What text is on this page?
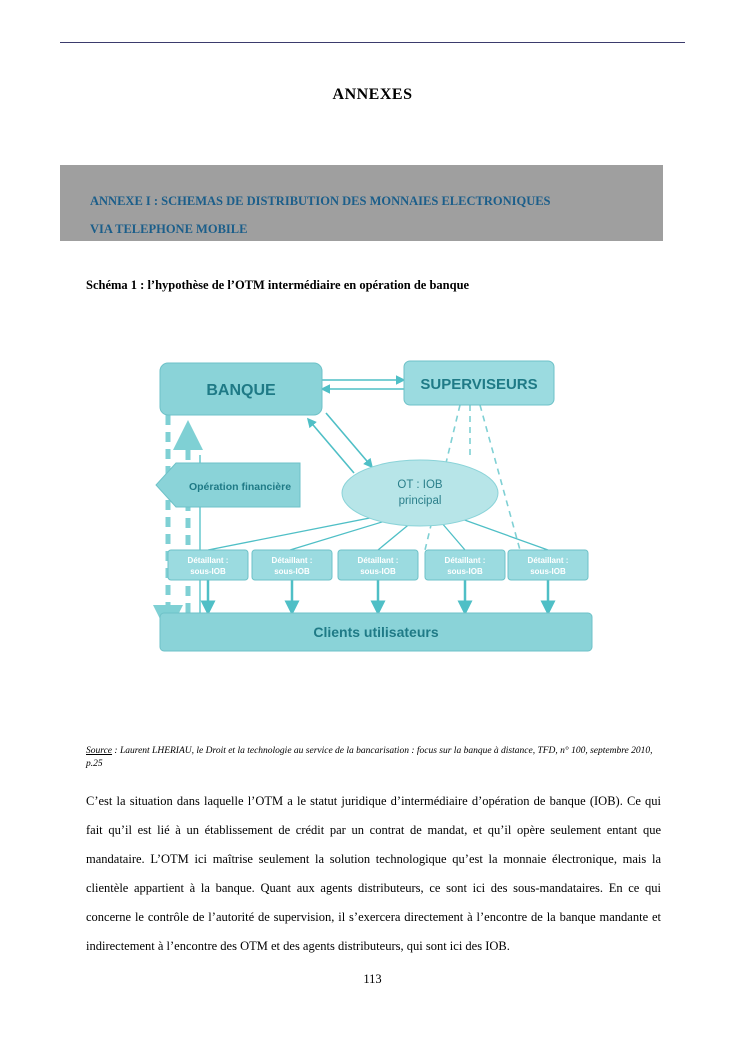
ANNEXES
ANNEXE I : SCHEMAS DE DISTRIBUTION DES MONNAIES ELECTRONIQUES
VIA TELEPHONE MOBILE
Schéma 1 : l’hypothèse de l’OTM intermédiaire en opération de banque
BANQUE	SUPERVISEURS
OT : IOB
principal
Opération financière
Détaillant :
sous-IOB
Détaillant :
sous-IOB
Détaillant :
sous-IOB
Détaillant :
sous-IOB
Détaillant :
sous-IOB
Clients utilisateurs
Source : Laurent LHERIAU, le Droit et la technologie au service de la bancarisation : focus sur la banque à distance, TFD, n° 100, septembre 2010, p.25
C’est la situation dans laquelle l’OTM a le statut juridique d’intermédiaire d’opération de banque (IOB). Ce qui fait qu’il est lié à un établissement de crédit par un contrat de mandat, et qu’il opère seulement entant que mandataire. L’OTM ici maîtrise seulement la solution technologique qu’est la monnaie électronique, mais la clientèle appartient à la banque. Quant aux agents distributeurs, ce sont ici des sous-mandataires. En ce qui concerne le contrôle de l’autorité de supervision, il s’exercera directement à l’encontre de la banque mandante et indirectement à l’encontre des OTM et des agents distributeurs, qui sont ici des IOB.
113
